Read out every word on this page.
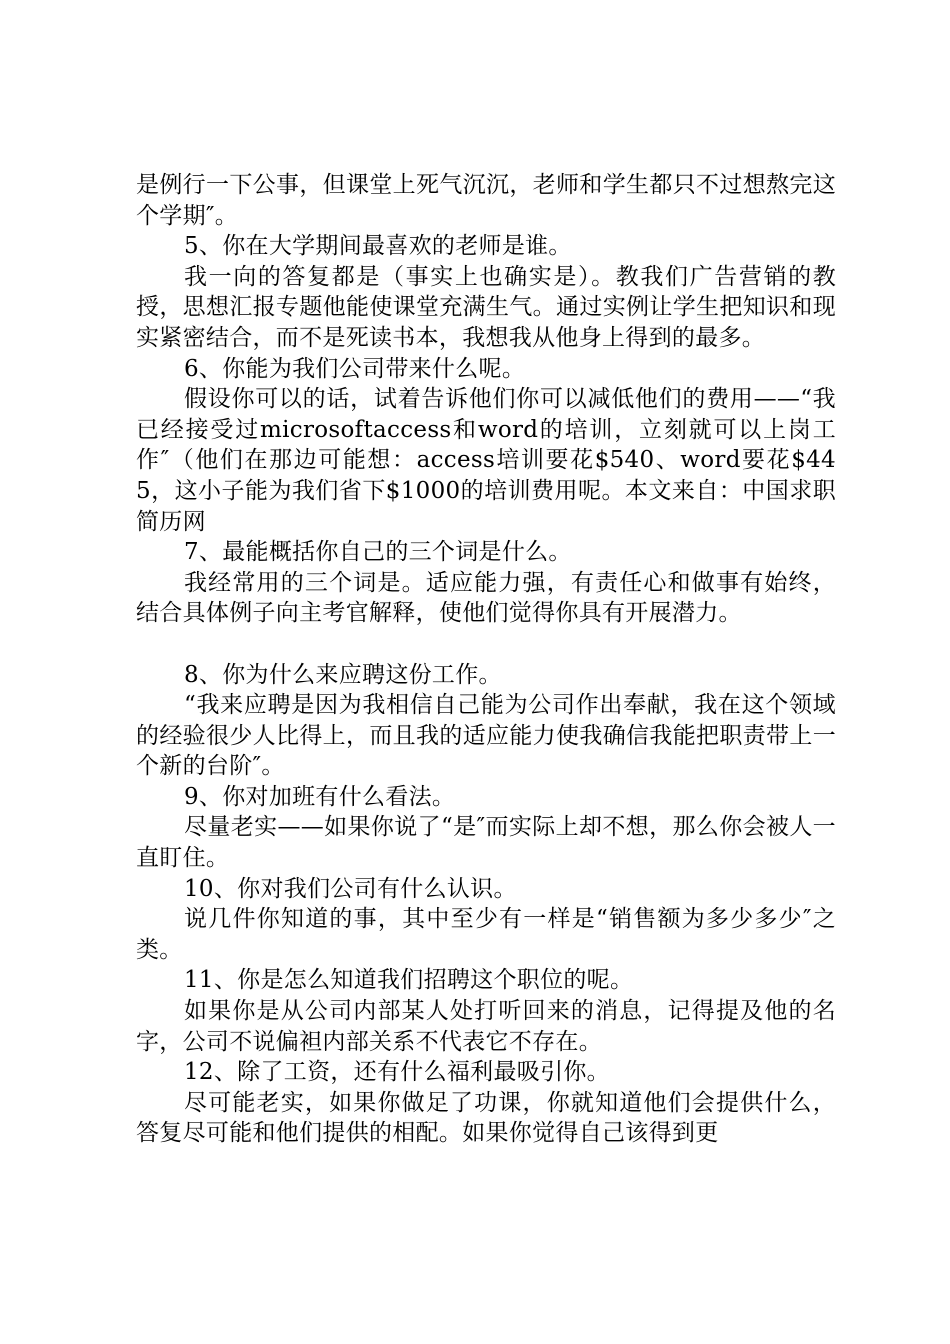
是例行一下公事，但课堂上死气沉沉，老师和学生都只不过想熬完这个学期″。

5、你在大学期间最喜欢的老师是谁。

我一向的答复都是（事实上也确实是）。教我们广告营销的教授，思想汇报专题他能使课堂充满生气。通过实例让学生把知识和现实紧密结合，而不是死读书本，我想我从他身上得到的最多。

6、你能为我们公司带来什么呢。

假设你可以的话，试着告诉他们你可以减低他们的费用——“我已经接受过microsoftaccess和word的培训，立刻就可以上岗工作″（他们在那边可能想：access培训要花$540、word要花$445，这小子能为我们省下$1000的培训费用呢。本文来自：中国求职简历网

7、最能概括你自己的三个词是什么。

我经常用的三个词是。适应能力强，有责任心和做事有始终，结合具体例子向主考官解释，使他们觉得你具有开展潜力。

8、你为什么来应聘这份工作。

“我来应聘是因为我相信自己能为公司作出奉献，我在这个领域的经验很少人比得上，而且我的适应能力使我确信我能把职责带上一个新的台阶″。

9、你对加班有什么看法。

尽量老实——如果你说了“是″而实际上却不想，那么你会被人一直盯住。

10、你对我们公司有什么认识。

说几件你知道的事，其中至少有一样是“销售额为多少多少″之类。

11、你是怎么知道我们招聘这个职位的呢。

如果你是从公司内部某人处打听回来的消息，记得提及他的名字，公司不说偏袒内部关系不代表它不存在。

12、除了工资，还有什么福利最吸引你。

尽可能老实，如果你做足了功课，你就知道他们会提供什么，答复尽可能和他们提供的相配。如果你觉得自己该得到更
